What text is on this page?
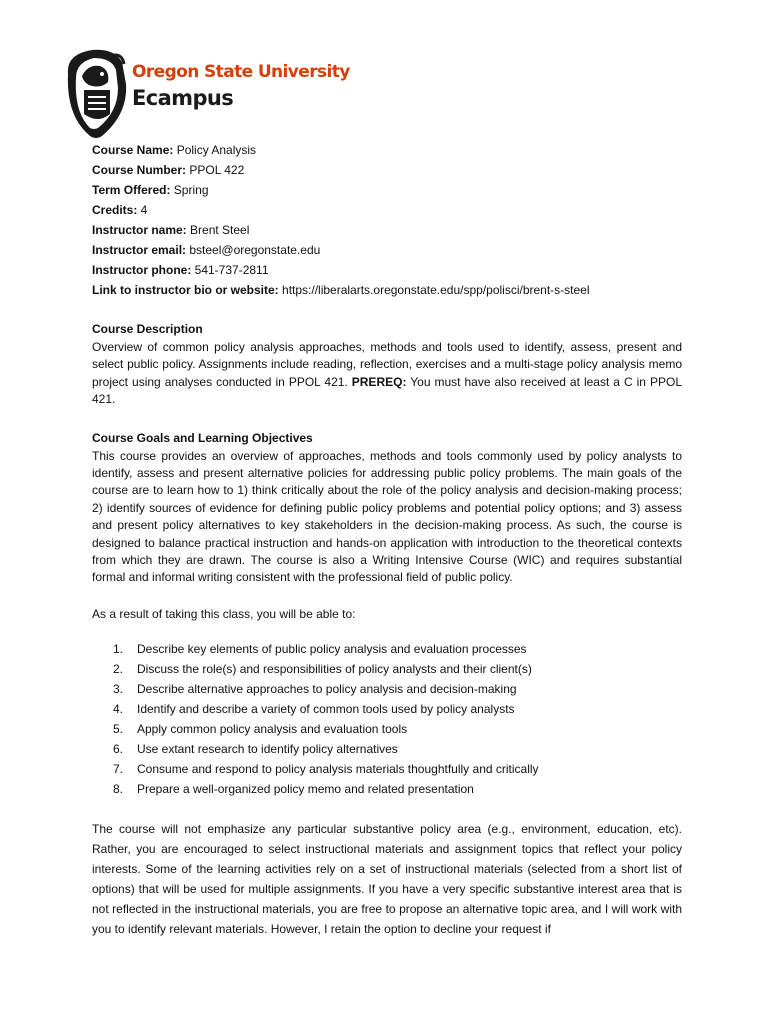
Oregon State University
Ecampus
Course Name: Policy Analysis
Course Number: PPOL 422
Term Offered: Spring
Credits: 4
Instructor name: Brent Steel
Instructor email: bsteel@oregonstate.edu
Instructor phone: 541-737-2811
Link to instructor bio or website: https://liberalarts.oregonstate.edu/spp/polisci/brent-s-steel
Course Description

Overview of common policy analysis approaches, methods and tools used to identify, assess, present and select public policy. Assignments include reading, reflection, exercises and a multi-stage policy analysis memo project using analyses conducted in PPOL 421. PREREQ: You must have also received at least a C in PPOL 421.

Course Goals and Learning Objectives

This course provides an overview of approaches, methods and tools commonly used by policy analysts to identify, assess and present alternative policies for addressing public policy problems. The main goals of the course are to learn how to 1) think critically about the role of the policy analysis and decision-making process; 2) identify sources of evidence for defining public policy problems and potential policy options; and 3) assess and present policy alternatives to key stakeholders in the decision-making process. As such, the course is designed to balance practical instruction and hands-on application with introduction to the theoretical contexts from which they are drawn. The course is also a Writing Intensive Course (WIC) and requires substantial formal and informal writing consistent with the professional field of public policy.

As a result of taking this class, you will be able to:
1. Describe key elements of public policy analysis and evaluation processes
2. Discuss the role(s) and responsibilities of policy analysts and their client(s)
3. Describe alternative approaches to policy analysis and decision-making
4. Identify and describe a variety of common tools used by policy analysts
5. Apply common policy analysis and evaluation tools
6. Use extant research to identify policy alternatives
7. Consume and respond to policy analysis materials thoughtfully and critically
8. Prepare a well-organized policy memo and related presentation

The course will not emphasize any particular substantive policy area (e.g., environment, education, etc). Rather, you are encouraged to select instructional materials and assignment topics that reflect your policy interests. Some of the learning activities rely on a set of instructional materials (selected from a short list of options) that will be used for multiple assignments. If you have a very specific substantive interest area that is not reflected in the instructional materials, you are free to propose an alternative topic area, and I will work with you to identify relevant materials. However, I retain the option to decline your request if
